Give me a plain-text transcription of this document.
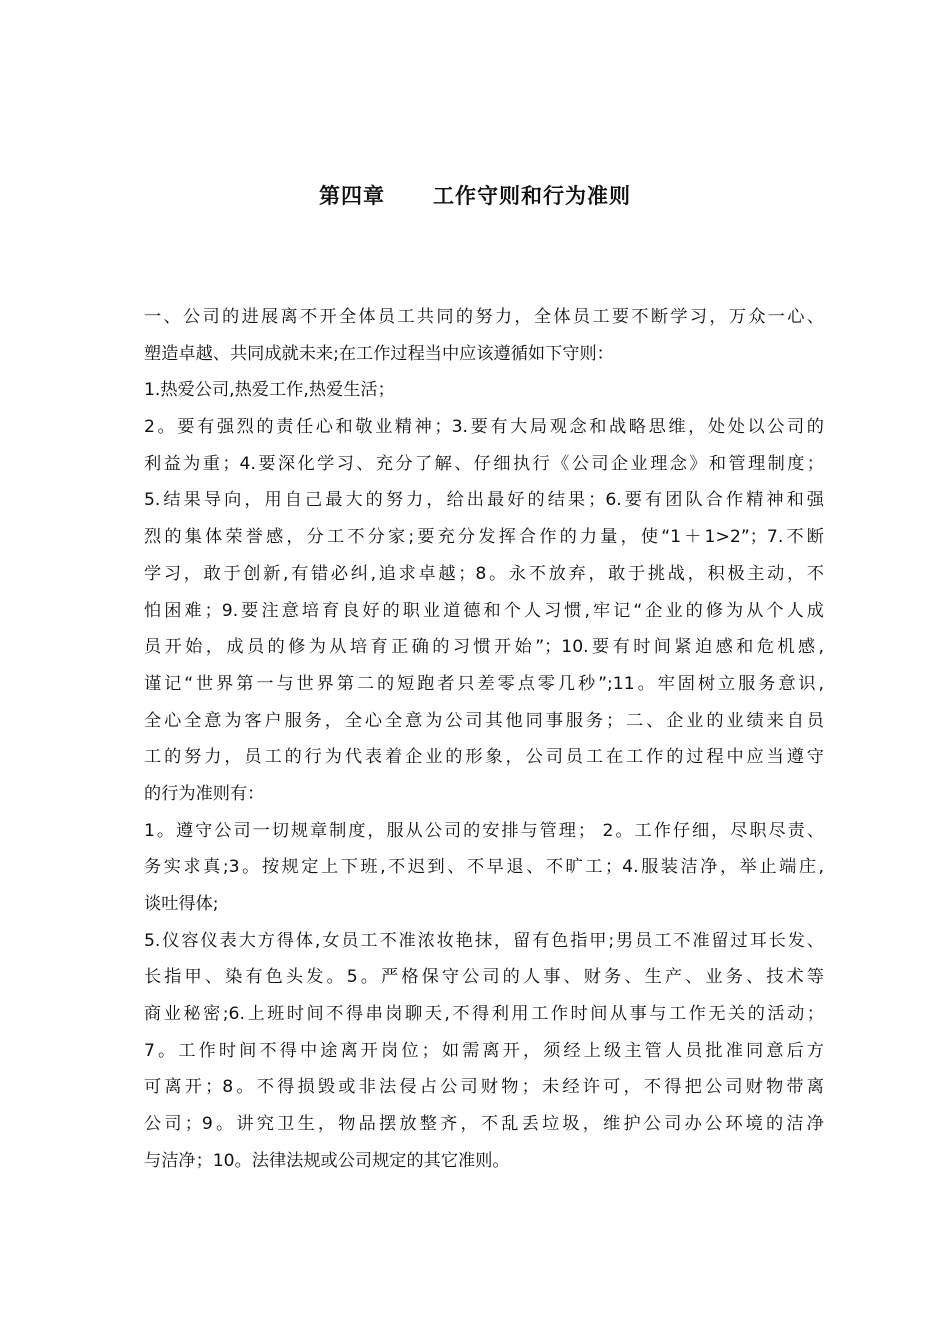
第四章 工作守则和行为准则
一、公司的进展离不开全体员工共同的努力，全体员工要不断学习，万众一心、
塑造卓越、共同成就未来;在工作过程当中应该遵循如下守则：
1.热爱公司,热爱工作,热爱生活；
2。要有强烈的责任心和敬业精神；3.要有大局观念和战略思维，处处以公司的
利益为重；4.要深化学习、充分了解、仔细执行《公司企业理念》和管理制度；
5.结果导向，用自己最大的努力，给出最好的结果；6.要有团队合作精神和强
烈的集体荣誉感，分工不分家;要充分发挥合作的力量，使“1＋1>2”；7.不断
学习，敢于创新,有错必纠,追求卓越；8。永不放弃，敢于挑战，积极主动，不
怕困难；9.要注意培育良好的职业道德和个人习惯,牢记“企业的修为从个人成
员开始，成员的修为从培育正确的习惯开始”；10.要有时间紧迫感和危机感,
谨记“世界第一与世界第二的短跑者只差零点零几秒”;11。牢固树立服务意识,
全心全意为客户服务，全心全意为公司其他同事服务；二、企业的业绩来自员
工的努力，员工的行为代表着企业的形象，公司员工在工作的过程中应当遵守
的行为准则有：
1。遵守公司一切规章制度，服从公司的安排与管理； 2。工作仔细，尽职尽责、
务实求真;3。按规定上下班,不迟到、不早退、不旷工；4.服装洁净，举止端庄,
谈吐得体;
5.仪容仪表大方得体,女员工不准浓妆艳抹，留有色指甲;男员工不准留过耳长发、
长指甲、染有色头发。5。严格保守公司的人事、财务、生产、业务、技术等
商业秘密;6.上班时间不得串岗聊天,不得利用工作时间从事与工作无关的活动；
7。工作时间不得中途离开岗位；如需离开，须经上级主管人员批准同意后方
可离开；8。不得损毁或非法侵占公司财物；未经许可，不得把公司财物带离
公司；9。讲究卫生，物品摆放整齐，不乱丢垃圾，维护公司办公环境的洁净
与洁净；10。法律法规或公司规定的其它准则。
